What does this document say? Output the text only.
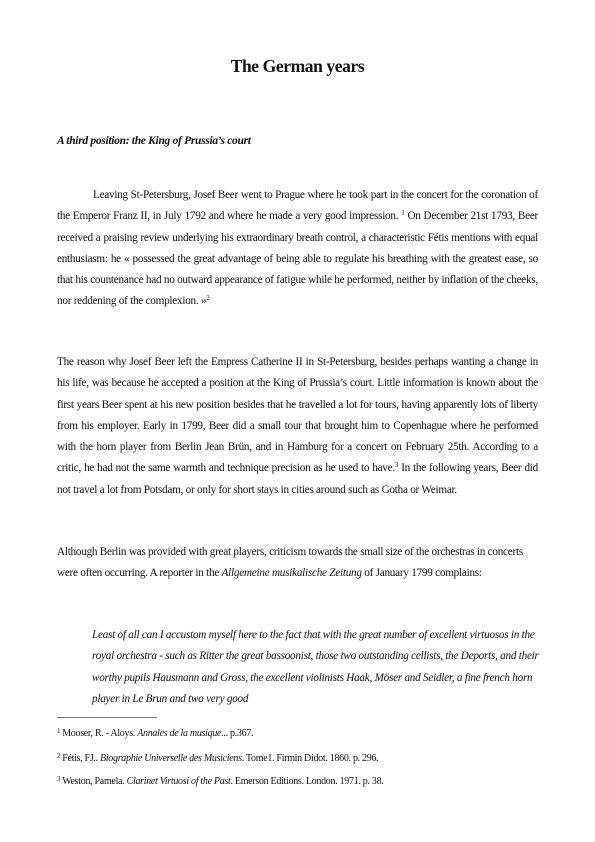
The German years
A third position: the King of Prussia’s court

Leaving St-Petersburg, Josef Beer went to Prague where he took part in the concert for the coronation of the Emperor Franz II, in July 1792 and where he made a very good impression. $^1$ On December 21st 1793, Beer received a praising review underlying his extraordinary breath control, a characteristic Fétis mentions with equal enthusiasm: he « possessed the great advantage of being able to regulate his breathing with the greatest ease, so that his countenance had no outward appearance of fatigue while he performed, neither by inflation of the cheeks, nor reddening of the complexion. »$^2$

The reason why Josef Beer left the Empress Catherine II in St-Petersburg, besides perhaps wanting a change in his life, was because he accepted a position at the King of Prussia’s court. Little information is known about the first years Beer spent at his new position besides that he travelled a lot for tours, having apparently lots of liberty from his employer. Early in 1799, Beer did a small tour that brought him to Copenhague where he performed with the horn player from Berlin Jean Brün, and in Hamburg for a concert on February 25th. According to a critic, he had not the same warmth and technique precision as he used to have.$^3$ In the following years, Beer did not travel a lot from Potsdam, or only for short stays in cities around such as Gotha or Weimar.

Although Berlin was provided with great players, criticism towards the small size of the orchestras in concerts were often occurring. A reporter in the Allgemeine musikalische Zeitung of January 1799 complains:

Least of all can I accustom myself here to the fact that with the great number of excellent virtuosos in the royal orchestra - such as Ritter the great bassoonist, those two outstanding cellists, the Deports, and their worthy pupils Hausmann and Gross, the excellent violinists Haak, Möser and Seidler, a fine french horn player in Le Brun and two very good

$^1$ Mooser, R. - Aloys. Annales de la musique... p.367.

$^2$ Fétis, FJ.. Biographie Universelle des Musiciens. Tome1. Firmin Didot. 1860. p. 296.

$^3$ Weston, Pamela. Clarinet Virtuosi of the Past. Emerson Editions. London. 1971. p. 38.
